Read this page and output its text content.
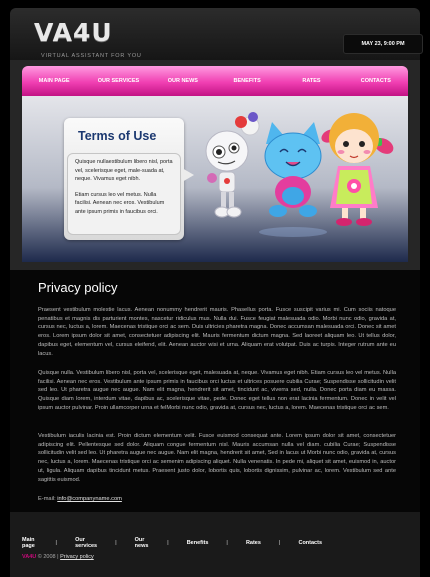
VA4U
VIRTUAL ASSISTANT FOR YOU
MAY 23, 9:00 PM
MAIN PAGE	OUR SERVICES	OUR NEWS	BENEFITS	RATES	CONTACTS
Terms of Use

Quisque nullaestibulum libero nisl, porta vel, scelerisque eget, male-suada at, neque. Vivamus eget nibh.

Etiam cursus leo vel metus. Nulla facilisi. Aenean nec eros. Vestibulum ante ipsum primis in faucibus orci.

Privacy policy

Praesent vestibulum molestie lacus. Aenean nonummy hendrerit mauris. Phasellus porta. Fusce suscipit varius mi. Cum sociis natoque penatibus et magnis dis parturient montes, nascetur ridiculus mus. Nulla dui. Fusce feugiat malesuada odio. Morbi nunc odio, gravida at, cursus nec, luctus a, lorem. Maecenas tristique orci ac sem. Duis ultricies pharetra magna. Donec accumsan malesuada orci. Donec sit amet eros. Lorem ipsum dolor sit amet, consectetuer adipiscing elit. Mauris fermentum dictum magna. Sed laoreet aliquam leo. Ut tellus dolor, dapibus eget, elementum vel, cursus eleifend, elit. Aenean auctor wisi et urna. Aliquam erat volutpat. Duis ac turpis. Integer rutrum ante eu lacus.

Quisque nulla. Vestibulum libero nisl, porta vel, scelerisque eget, malesuada at, neque. Vivamus eget nibh. Etiam cursus leo vel metus. Nulla facilisi. Aenean nec eros. Vestibulum ante ipsum primis in faucibus orci luctus et ultrices posuere cubilia Curae; Suspendisse sollicitudin velit sed leo. Ut pharetra augue nec augue. Nam elit magna, hendrerit sit amet, tincidunt ac, viverra sed, nulla. Donec porta diam eu massa. Quisque diam lorem, interdum vitae, dapibus ac, scelerisque vitae, pede. Donec eget tellus non erat lacinia fermentum. Donec in velit vel ipsum auctor pulvinar. Proin ullamcorper urna et felMorbi nunc odio, gravida at, cursus nec, luctus a, lorem. Maecenas tristique orci ac sem.

Vestibulum iaculis lacinia est. Proin dictum elementum velit. Fusce euismod consequat ante. Lorem ipsum dolor sit amet, consectetuer adipiscing elit. Pellentesque sed dolor. Aliquam congue fermentum nisl. Mauris accumsan nulla vel diam. cubilia Curae; Suspendisse sollicitudin velit sed leo. Ut pharetra augue nec augue. Nam elit magna, hendrerit sit amet, Sed in lacus ut Morbi nunc odio, gravida at, cursus nec, luctus a, lorem. Maecenas tristique orci ac semenim adipiscing aliquet. Nulla venenatis. In pede mi, aliquet sit amet, euismod in, auctor ut, ligula. Aliquam dapibus tincidunt metus. Praesent justo dolor, lobortis quis, lobortis dignissim, pulvinar ac, lorem. Vestibulum sed ante sagittis euismod.

E-mail: info@companyname.com
Main page	|	Our services	|	Our news	|	Benefits	|	Rates	|	Contacts
VA4U © 2008 | Privacy policy
